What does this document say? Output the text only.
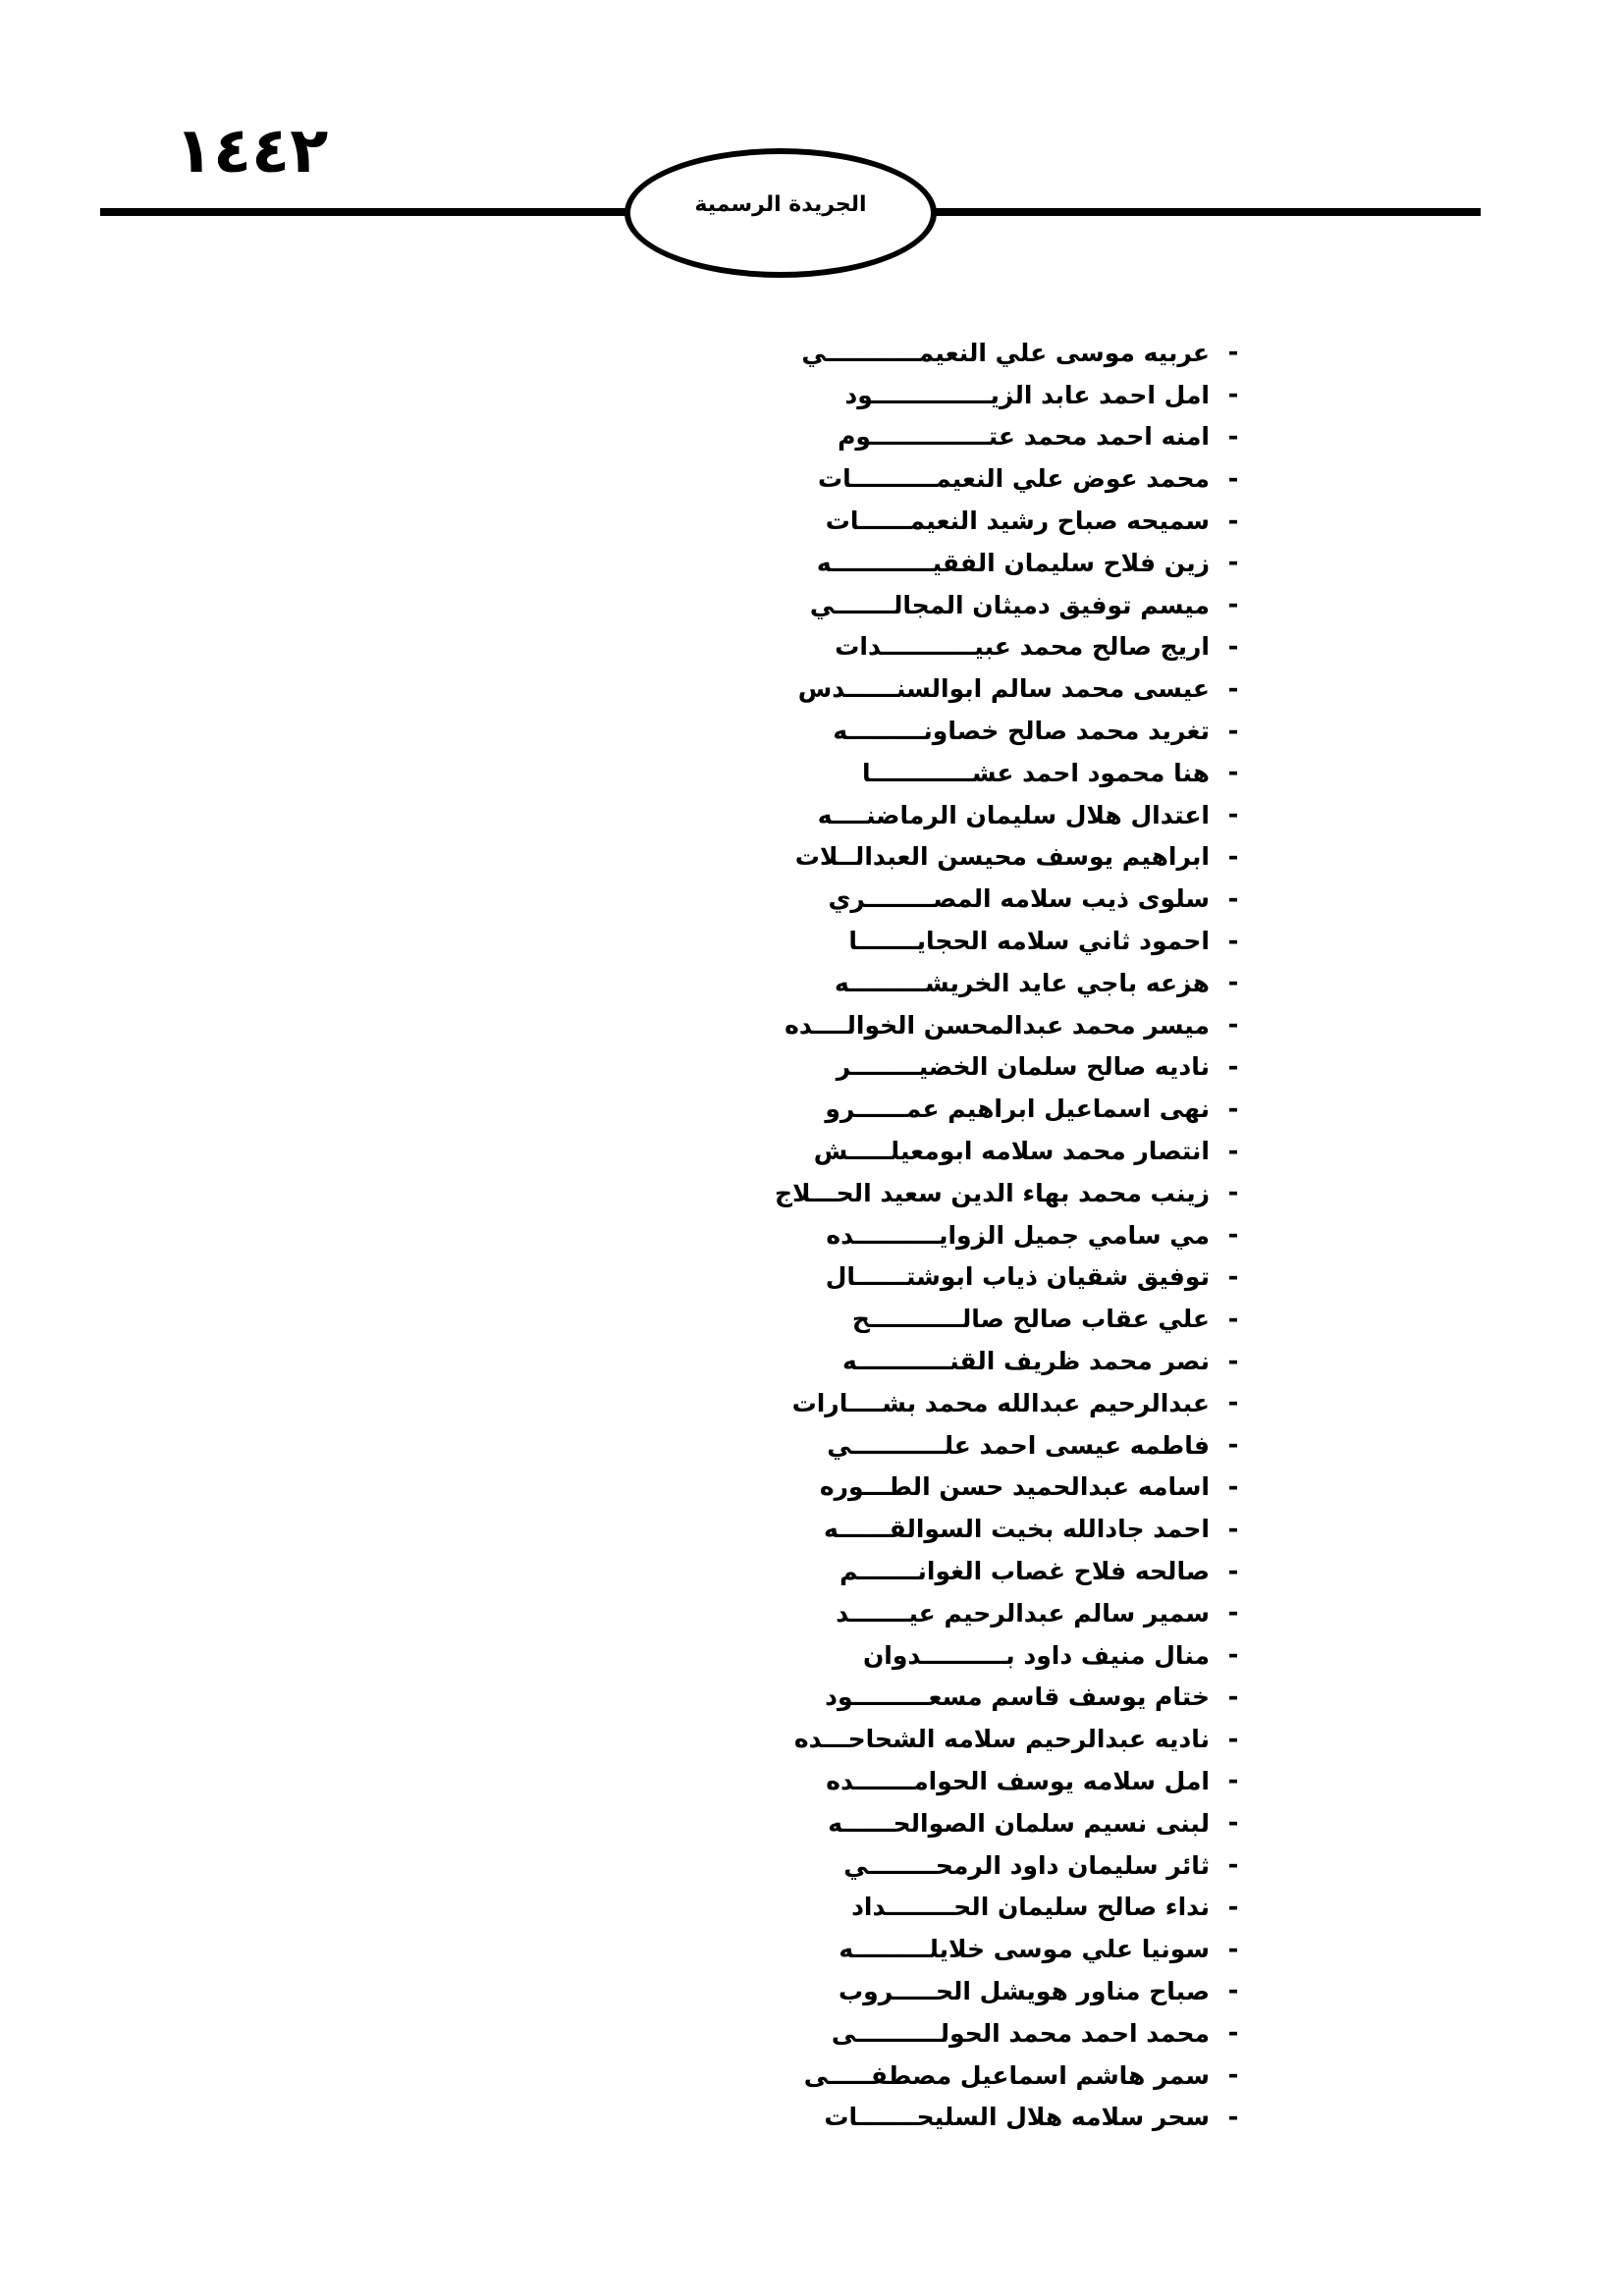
١٤٤٢
الجريدة الرسمية
-
عربيه موسى علي النعيمـــــــــــي
-
امل احمد عابد الزيــــــــــــــود
-
امنه احمد محمد عتــــــــــــــوم
-
محمد عوض علي النعيمــــــــــات
-
سميحه صباح رشيد النعيمــــــات
-
زين فلاح سليمان الفقيــــــــــــه
-
ميسم توفيق دميثان المجالـــــــي
-
اريج صالح محمد عبيـــــــــــدات
-
عيسى محمد سالم ابوالسنــــــدس
-
تغريد محمد صالح خصاونـــــــــه
-
هنا محمود احمد عشــــــــــــا
-
اعتدال هلال سليمان الرماضنــــه
-
ابراهيم يوسف محيسن العبدالــلات
-
سلوى ذيب سلامه المصــــــــري
-
احمود ثاني سلامه الحجايـــــــا
-
هزعه باجي عايد الخريشـــــــــه
-
ميسر محمد عبدالمحسن الخوالــــده
-
ناديه صالح سلمان الخضيــــــــر
-
نهى اسماعيل ابراهيم عمــــــرو
-
انتصار محمد سلامه ابومعيلـــــش
-
زينب محمد بهاء الدين سعيد الحـــلاج
-
مي سامي جميل الزوايــــــــــده
-
توفيق شقيان ذياب ابوشتــــــال
-
علي عقاب صالح صالـــــــــــح
-
نصر محمد ظريف القنـــــــــــه
-
عبدالرحيم عبدالله محمد بشــــارات
-
فاطمه عيسى احمد علـــــــــــي
-
اسامه عبدالحميد حسن الطـــوره
-
احمد جادالله بخيت السوالقــــــه
-
صالحه فلاح غصاب الغوانـــــــم
-
سمير سالم عبدالرحيم عيـــــــد
-
منال منيف داود بــــــــــدوان
-
ختام يوسف قاسم مسعـــــــــود
-
ناديه عبدالرحيم سلامه الشحاحـــده
-
امل سلامه يوسف الحوامـــــــده
-
لبنى نسيم سلمان الصوالحــــــه
-
ثائر سليمان داود الرمحــــــــي
-
نداء صالح سليمان الحــــــــداد
-
سونيا علي موسى خلايلـــــــــه
-
صباح مناور هويشل الحـــــروب
-
محمد احمد محمد الحولــــــــــى
-
سمر هاشم اسماعيل مصطفـــــى
-
سحر سلامه هلال السليحـــــــات
